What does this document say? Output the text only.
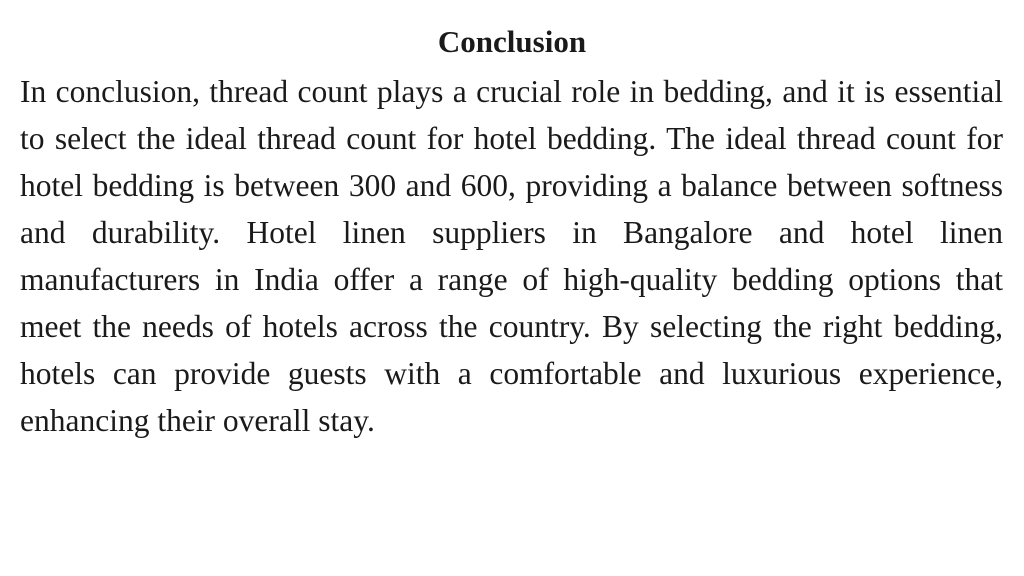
Conclusion

In conclusion, thread count plays a crucial role in bedding, and it is essential to select the ideal thread count for hotel bedding. The ideal thread count for hotel bedding is between 300 and 600, providing a balance between softness and durability. Hotel linen suppliers in Bangalore and hotel linen manufacturers in India offer a range of high-quality bedding options that meet the needs of hotels across the country. By selecting the right bedding, hotels can provide guests with a comfortable and luxurious experience, enhancing their overall stay.
